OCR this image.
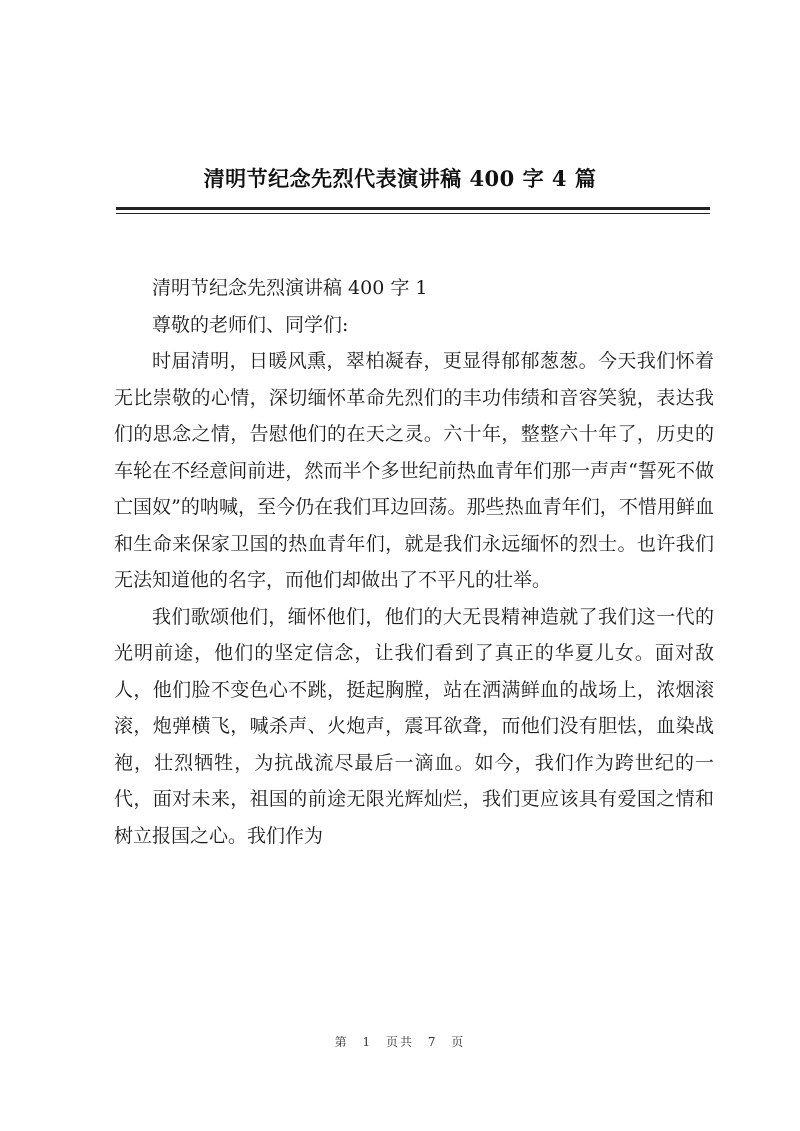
清明节纪念先烈代表演讲稿 400 字 4 篇

清明节纪念先烈演讲稿 400 字 1

尊敬的老师们、同学们:

时届清明，日暖风熏，翠柏凝春，更显得郁郁葱葱。今天我们怀着无比崇敬的心情，深切缅怀革命先烈们的丰功伟绩和音容笑貌，表达我们的思念之情，告慰他们的在天之灵。六十年，整整六十年了，历史的车轮在不经意间前进，然而半个多世纪前热血青年们那一声声“誓死不做亡国奴”的呐喊，至今仍在我们耳边回荡。那些热血青年们，不惜用鲜血和生命来保家卫国的热血青年们，就是我们永远缅怀的烈士。也许我们无法知道他的名字，而他们却做出了不平凡的壮举。

我们歌颂他们，缅怀他们，他们的大无畏精神造就了我们这一代的光明前途，他们的坚定信念，让我们看到了真正的华夏儿女。面对敌人，他们脸不变色心不跳，挺起胸膛，站在洒满鲜血的战场上，浓烟滚滚，炮弹横飞，喊杀声、火炮声，震耳欲聋，而他们没有胆怯，血染战袍，壮烈牺牲，为抗战流尽最后一滴血。如今，我们作为跨世纪的一代，面对未来，祖国的前途无限光辉灿烂，我们更应该具有爱国之情和树立报国之心。我们作为

第 1 页共 7 页
